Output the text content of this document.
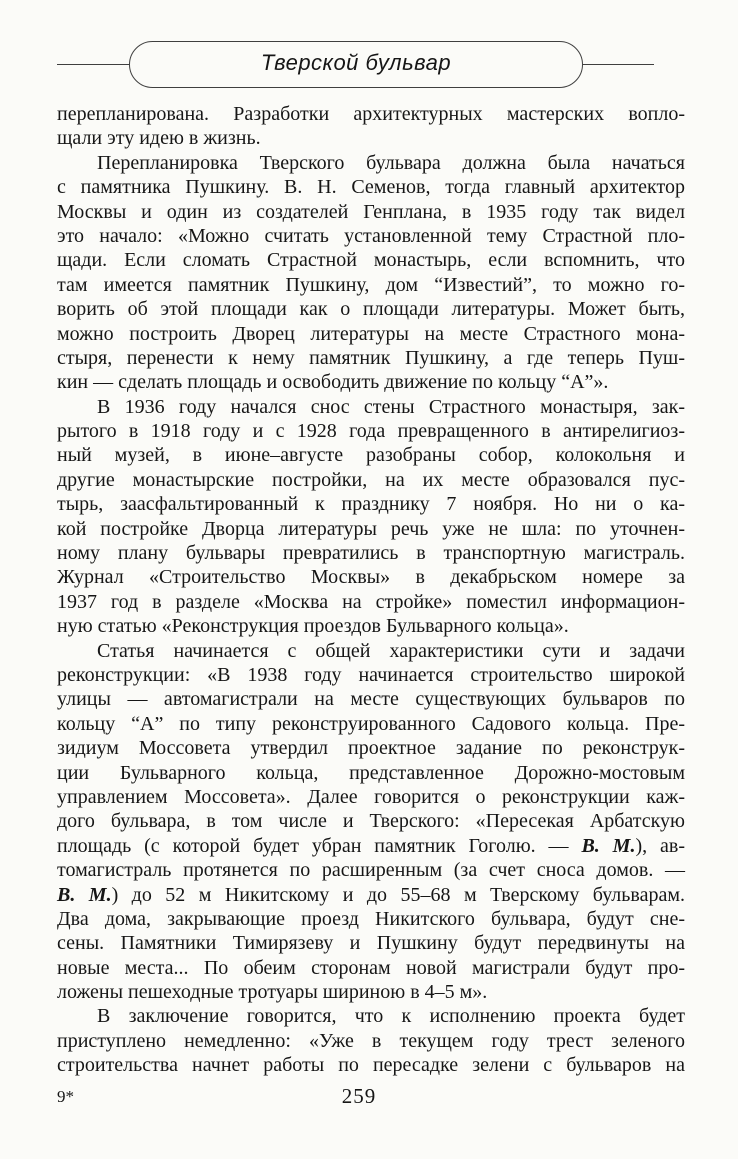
Тверской бульвар
перепланирована. Разработки архитектурных мастерских вопло-
щали эту идею в жизнь.
Перепланировка Тверского бульвара должна была начаться
с памятника Пушкину. В. Н. Семенов, тогда главный архитектор
Москвы и один из создателей Генплана, в 1935 году так видел
это начало: «Можно считать установленной тему Страстной пло-
щади. Если сломать Страстной монастырь, если вспомнить, что
там имеется памятник Пушкину, дом “Известий”, то можно го-
ворить об этой площади как о площади литературы. Может быть,
можно построить Дворец литературы на месте Страстного мона-
стыря, перенести к нему памятник Пушкину, а где теперь Пуш-
кин — сделать площадь и освободить движение по кольцу “А”».
В 1936 году начался снос стены Страстного монастыря, зак-
рытого в 1918 году и с 1928 года превращенного в антирелигиоз-
ный музей, в июне–августе разобраны собор, колокольня и
другие монастырские постройки, на их месте образовался пус-
тырь, заасфальтированный к празднику 7 ноября. Но ни о ка-
кой постройке Дворца литературы речь уже не шла: по уточнен-
ному плану бульвары превратились в транспортную магистраль.
Журнал «Строительство Москвы» в декабрьском номере за
1937 год в разделе «Москва на стройке» поместил информацион-
ную статью «Реконструкция проездов Бульварного кольца».
Статья начинается с общей характеристики сути и задачи
реконструкции: «В 1938 году начинается строительство широкой
улицы — автомагистрали на месте существующих бульваров по
кольцу “А” по типу реконструированного Садового кольца. Пре-
зидиум Моссовета утвердил проектное задание по реконструк-
ции Бульварного кольца, представленное Дорожно-мостовым
управлением Моссовета». Далее говорится о реконструкции каж-
дого бульвара, в том числе и Тверского: «Пересекая Арбатскую
площадь (с которой будет убран памятник Гоголю. — В. М.), ав-
томагистраль протянется по расширенным (за счет сноса домов. —
В. М.) до 52 м Никитскому и до 55–68 м Тверскому бульварам.
Два дома, закрывающие проезд Никитского бульвара, будут сне-
сены. Памятники Тимирязеву и Пушкину будут передвинуты на
новые места... По обеим сторонам новой магистрали будут про-
ложены пешеходные тротуары шириною в 4–5 м».
В заключение говорится, что к исполнению проекта будет
приступлено немедленно: «Уже в текущем году трест зеленого
строительства начнет работы по пересадке зелени с бульваров на
9*	259
